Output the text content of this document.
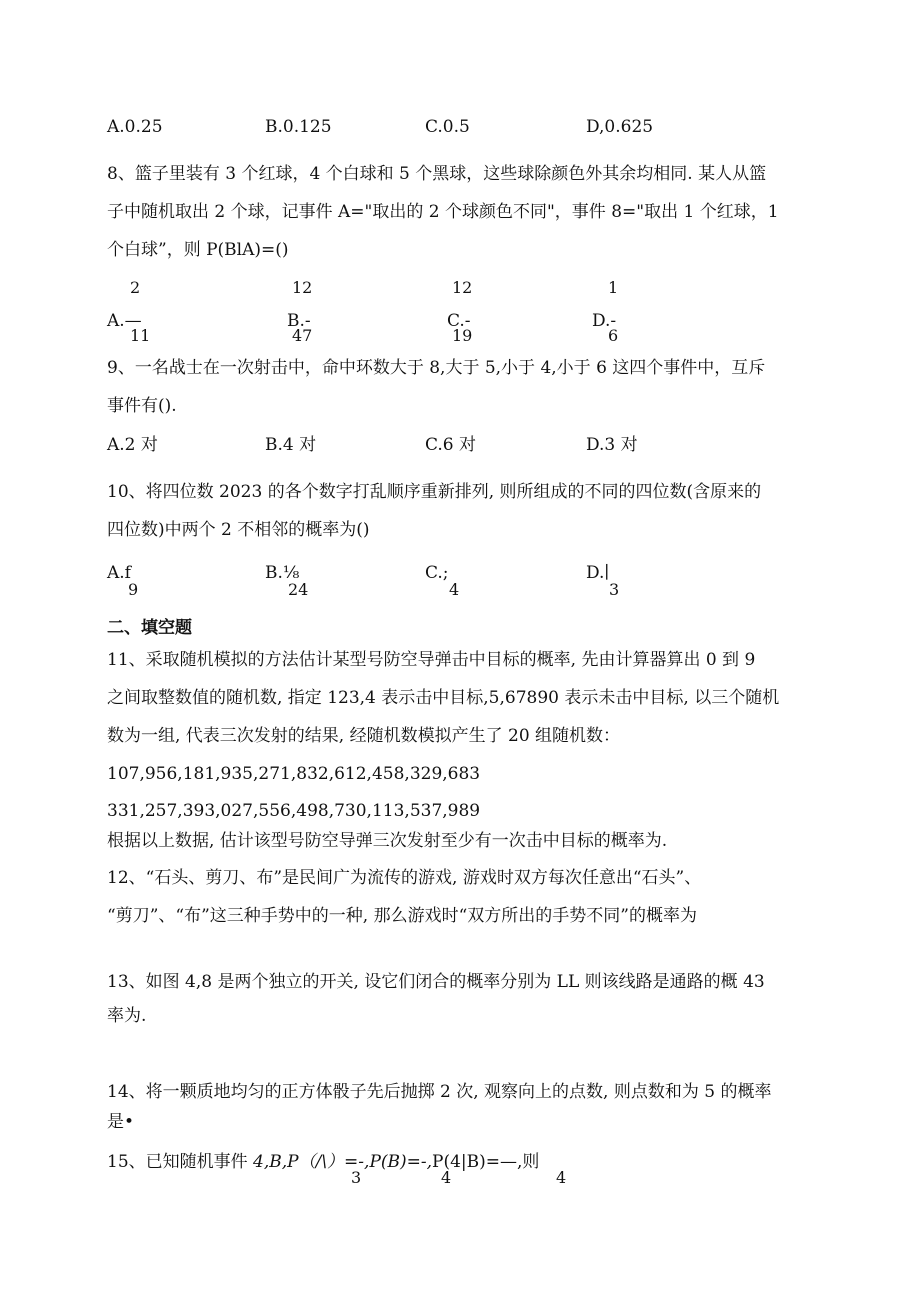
A.0.25	B.0.125	C.0.5	D,0.625
8、篮子里装有 3 个红球，4 个白球和 5 个黑球，这些球除颜色外其余均相同. 某人从篮
子中随机取出 2 个球，记事件 A="取出的 2 个球颜色不同"，事件 8="取出 1 个红球，1
个白球”，则 P(BlA)=()
2	12	12	1
A.—	B.-	C.-	D.-
11	47	19	6
9、一名战士在一次射击中，命中环数大于 8,大于 5,小于 4,小于 6 这四个事件中，互斥
事件有().
A.2 对	B.4 对	C.6 对	D.3 对
10、将四位数 2023 的各个数字打乱顺序重新排列, 则所组成的不同的四位数(含原来的
四位数)中两个 2 不相邻的概率为()
A.f	B.⅛	C.;	D.∣
9	24	4	3
二、填空题
11、采取随机模拟的方法估计某型号防空导弹击中目标的概率, 先由计算器算出 0 到 9
之间取整数值的随机数, 指定 123,4 表示击中目标,5,67890 表示未击中目标, 以三个随机
数为一组, 代表三次发射的结果, 经随机数模拟产生了 20 组随机数：
107,956,181,935,271,832,612,458,329,683
331,257,393,027,556,498,730,113,537,989
根据以上数据, 估计该型号防空导弹三次发射至少有一次击中目标的概率为.
12、“石头、剪刀、布”是民间广为流传的游戏, 游戏时双方每次任意出“石头”、
“剪刀”、“布”这三种手势中的一种, 那么游戏时“双方所出的手势不同”的概率为
13、如图 4,8 是两个独立的开关, 设它们闭合的概率分别为 LL 则该线路是通路的概 43
率为.
14、将一颗质地均匀的正方体骰子先后抛掷 2 次, 观察向上的点数, 则点数和为 5 的概率
是•
15、已知随机事件 4,B,P（/\）=-,P(B)=-,P(4|B)=—,则
3	4	4
